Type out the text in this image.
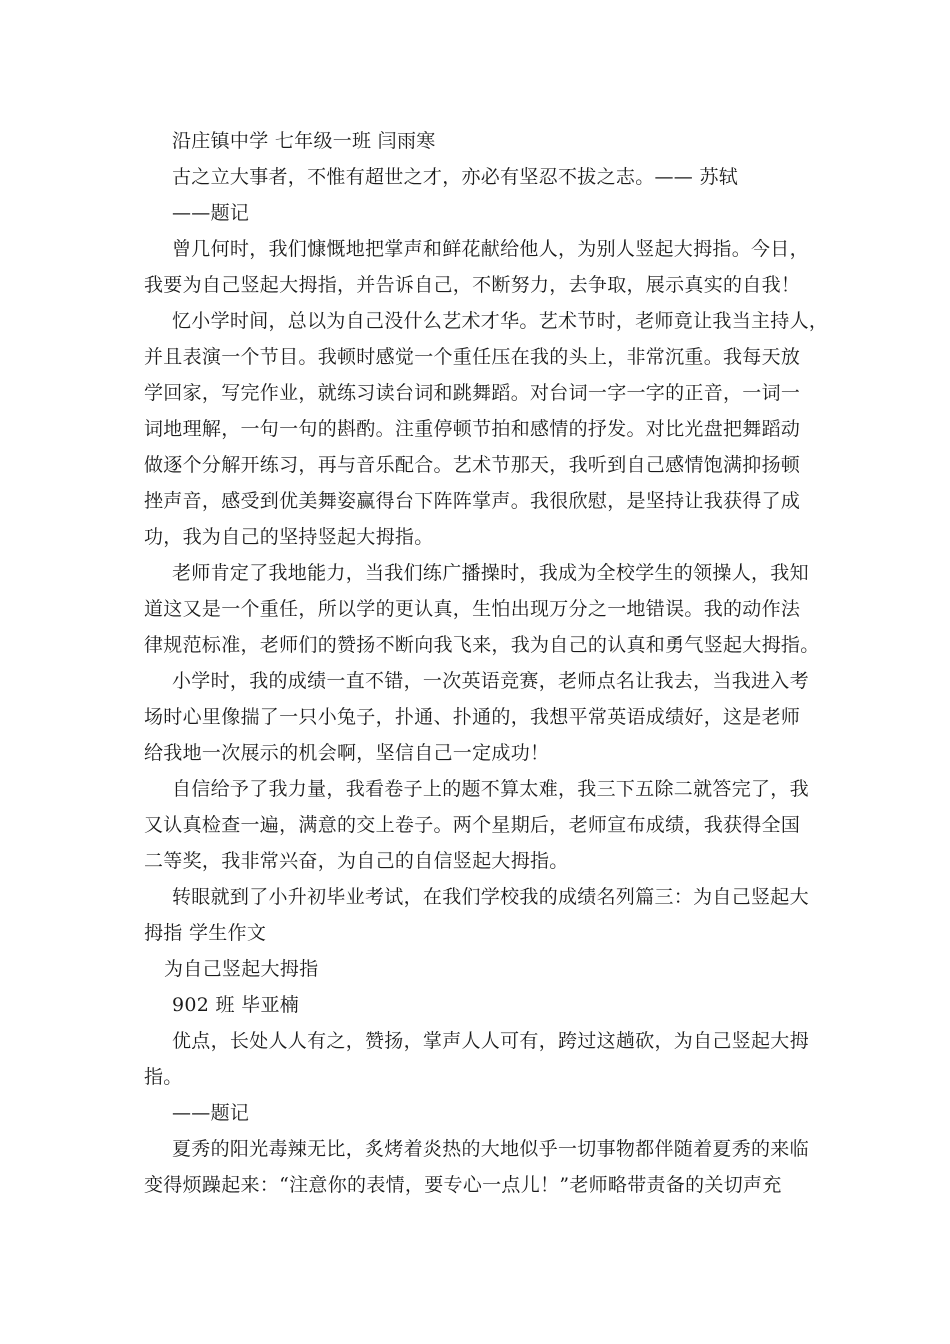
沿庄镇中学 七年级一班 闫雨寒
古之立大事者，不惟有超世之才，亦必有坚忍不拔之志。—— 苏轼
——题记
曾几何时，我们慷慨地把掌声和鲜花献给他人，为别人竖起大拇指。今日，
我要为自己竖起大拇指，并告诉自己，不断努力，去争取，展示真实的自我！
忆小学时间，总以为自己没什么艺术才华。艺术节时，老师竟让我当主持人，
并且表演一个节目。我顿时感觉一个重任压在我的头上，非常沉重。我每天放
学回家，写完作业，就练习读台词和跳舞蹈。对台词一字一字的正音，一词一
词地理解，一句一句的斟酌。注重停顿节拍和感情的抒发。对比光盘把舞蹈动
做逐个分解开练习，再与音乐配合。艺术节那天，我听到自己感情饱满抑扬顿
挫声音，感受到优美舞姿赢得台下阵阵掌声。我很欣慰，是坚持让我获得了成
功，我为自己的坚持竖起大拇指。
老师肯定了我地能力，当我们练广播操时，我成为全校学生的领操人，我知
道这又是一个重任，所以学的更认真，生怕出现万分之一地错误。我的动作法
律规范标准，老师们的赞扬不断向我飞来，我为自己的认真和勇气竖起大拇指。
小学时，我的成绩一直不错，一次英语竞赛，老师点名让我去，当我进入考
场时心里像揣了一只小兔子，扑通、扑通的，我想平常英语成绩好，这是老师
给我地一次展示的机会啊，坚信自己一定成功！
自信给予了我力量，我看卷子上的题不算太难，我三下五除二就答完了，我
又认真检查一遍，满意的交上卷子。两个星期后，老师宣布成绩，我获得全国
二等奖，我非常兴奋，为自己的自信竖起大拇指。
转眼就到了小升初毕业考试，在我们学校我的成绩名列篇三：为自己竖起大
拇指 学生作文
为自己竖起大拇指
902 班 毕亚楠
优点，长处人人有之，赞扬，掌声人人可有，跨过这趟砍，为自己竖起大拇
指。
——题记
夏秀的阳光毒辣无比，炙烤着炎热的大地似乎一切事物都伴随着夏秀的来临
变得烦躁起来：“注意你的表情，要专心一点儿！”老师略带责备的关切声充
